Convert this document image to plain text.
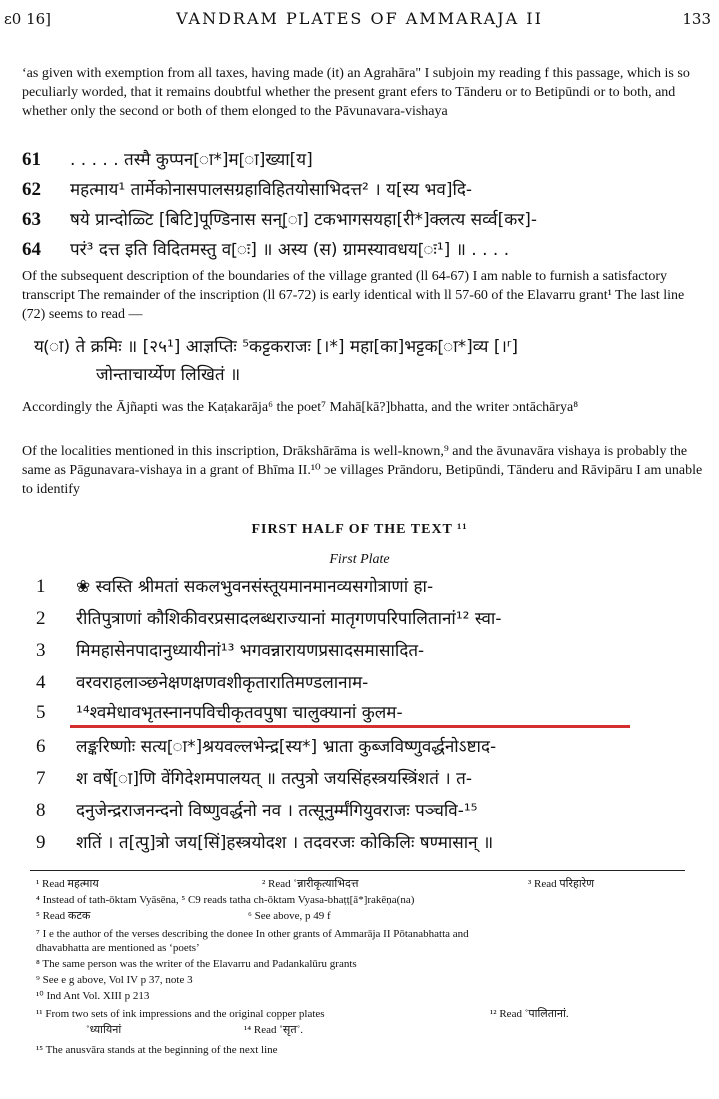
ɛ0 16]	VANDRAM PLATES OF AMMARAJA II	133
ʻas given with exemption from all taxes, having made (it) an Agrahāra" I subjoin my reading f this passage, which is so peculiarly worded, that it remains doubtful whether the present grant efers to Tānderu or to Betipūndi or to both, and whether only the second or both of them elonged to the Pāvunavara-vishaya
61 . . . . . तस्मै कुप्पन[ा*]म[ा]ख्या[य]
62 महत्माय¹ तार्मेकोनासपालसग्रहाविहितयोसाभिदत्त² । य[स्य भव]दि-
63 षये प्रान्दोळ्टि [बिटि]पूण्डिनास सन्[ा] टकभागसयहा[री*]क्लत्य सर्व्व[कर]-
64 परं³ दत्त इति विदितमस्तु व[ः] ॥ अस्य (स) ग्रामस्यावधय[ः¹] ॥ . . . .
Of the subsequent description of the boundaries of the village granted (ll 64-67) I am nable to furnish a satisfactory transcript The remainder of the inscription (ll 67-72) is early identical with ll 57-60 of the Elavarru grant¹ The last line (72) seems to read —
य(ा) ते क्रमिः ॥ [२५¹] आज्ञप्तिः ⁵कट्टकराजः [।*] महा[का]भट्टक[ा*]व्य [।ʳ]
जोन्ताचार्य्येण लिखितं ॥
Accordingly the Ājñapti was the Kaṭakarāja⁶ the poet⁷ Mahā[kā?]bhatta, and the writer ɔntāchārya⁸
Of the localities mentioned in this inscription, Drākshārāma is well-known,⁹ and the āvunavāra vishaya is probably the same as Pāgunavara-vishaya in a grant of Bhīma II.¹⁰ ɔe villages Prāndoru, Betipūndi, Tānderu and Rāvipāru I am unable to identify
FIRST HALF OF THE TEXT ¹¹
First Plate
1 ❀ स्वस्ति श्रीमतां सकलभुवनसंस्तूयमानमानव्यसगोत्राणां हा-
2 रीतिपुत्राणां कौशिकीवरप्रसादलब्धराज्यानां मातृगणपरिपालितानां¹² स्वा-
3 मिमहासेनपादानुध्यायीनां¹³ भगवन्नारायणप्रसादसमासादित-
4 वरवराहलाञ्छनेक्षणक्षणवशीकृतारातिमण्डलानाम-
5 ¹⁴श्वमेधावभृतस्नानपविचीकृतवपुषा चालुक्यानां कुलम-
6 लङ्करिष्णोः सत्य[ा*]श्रयवल्लभेन्द्र[स्य*] भ्राता कुब्जविष्णुवर्द्धनोऽष्टाद-
7 श वर्षे[ा]णि वेंगिदेशमपालयत् ॥ तत्पुत्रो जयसिंहस्त्रयस्त्रिंशतं । त-
8 दनुजेन्द्रराजनन्दनो विष्णुवर्द्धनो नव । तत्सूनुर्म्मंगियुवराजः पञ्चवि-¹⁵
9 शतिं । त[त्पु]त्रो जय[सिं]हस्त्रयोदश । तदवरजः कोकिलिः षण्मासान् ॥
¹ Read महत्माय	² Read ˚न्नारीकृत्याभिदत्त	³ Read परिहारेण
⁴ Instead of tath-ōktam Vyāsēna, ⁵ C9 reads tatha ch-ōktam Vyasa-bhaṭṭ[ā*]rakēṇa(na)
⁵ Read कटक	⁶ See above, p 49 f
⁷ I e the author of the verses describing the donee In other grants of Ammarāja II Pōtanabhatta and
dhavabhatta are mentioned as ʻpoetsʼ
⁸ The same person was the writer of the Elavarru and Padankalūru grants
⁹ See e g above, Vol IV p 37, note 3
¹⁰ Ind Ant Vol. XIII p 213
¹¹ From two sets of ink impressions and the original copper plates	¹² Read ˚पालितानां.
˚ध्यायिनां	¹⁴ Read ˚सृत˚.
¹⁵ The anusvāra stands at the beginning of the next line
